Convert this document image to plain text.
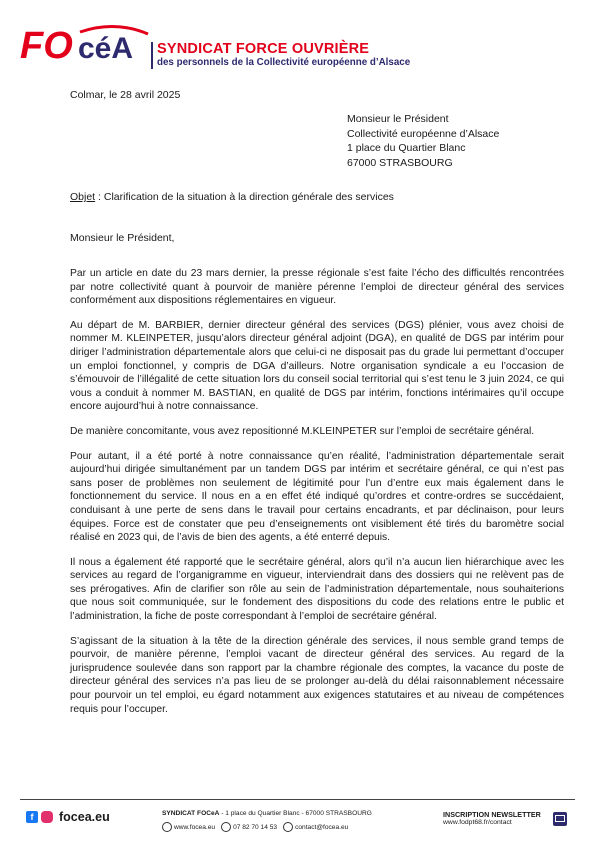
FO céA SYNDICAT FORCE OUVRIÈRE
des personnels de la Collectivité européenne d’Alsace
Colmar, le 28 avril 2025
Monsieur le Président
Collectivité européenne d’Alsace
1 place du Quartier Blanc
67000 STRASBOURG
Objet : Clarification de la situation à la direction générale des services
Monsieur le Président,

Par un article en date du 23 mars dernier, la presse régionale s’est faite l’écho des difficultés rencontrées par notre collectivité quant à pourvoir de manière pérenne l’emploi de directeur général des services conformément aux dispositions réglementaires en vigueur.

Au départ de M. BARBIER, dernier directeur général des services (DGS) plénier, vous avez choisi de nommer M. KLEINPETER, jusqu’alors directeur général adjoint (DGA), en qualité de DGS par intérim pour diriger l’administration départementale alors que celui-ci ne disposait pas du grade lui permettant d’occuper un emploi fonctionnel, y compris de DGA d’ailleurs. Notre organisation syndicale a eu l’occasion de s’émouvoir de l’illégalité de cette situation lors du conseil social territorial qui s’est tenu le 3 juin 2024, ce qui vous a conduit à nommer M. BASTIAN, en qualité de DGS par intérim, fonctions intérimaires qu’il occupe encore aujourd’hui à notre connaissance.

De manière concomitante, vous avez repositionné M.KLEINPETER sur l’emploi de secrétaire général.

Pour autant, il a été porté à notre connaissance qu’en réalité, l’administration départementale serait aujourd’hui dirigée simultanément par un tandem DGS par intérim et secrétaire général, ce qui n’est pas sans poser de problèmes non seulement de légitimité pour l’un d’entre eux mais également dans le fonctionnement du service. Il nous en a en effet été indiqué qu’ordres et contre-ordres se succédaient, conduisant à une perte de sens dans le travail pour certains encadrants, et par déclinaison, pour leurs équipes. Force est de constater que peu d’enseignements ont visiblement été tirés du baromètre social réalisé en 2023 qui, de l’avis de bien des agents, a été enterré depuis.

Il nous a également été rapporté que le secrétaire général, alors qu’il n’a aucun lien hiérarchique avec les services au regard de l’organigramme en vigueur, interviendrait dans des dossiers qui ne relèvent pas de ses prérogatives. Afin de clarifier son rôle au sein de l’administration départementale, nous souhaiterions que nous soit communiquée, sur le fondement des dispositions du code des relations entre le public et l’administration, la fiche de poste correspondant à l’emploi de secrétaire général.

S’agissant de la situation à la tête de la direction générale des services, il nous semble grand temps de pourvoir, de manière pérenne, l’emploi vacant de directeur général des services. Au regard de la jurisprudence soulevée dans son rapport par la chambre régionale des comptes, la vacance du poste de directeur général des services n’a pas lieu de se prolonger au-delà du délai raisonnablement nécessaire pour pourvoir un tel emploi, eu égard notamment aux exigences statutaires et au niveau de compétences requis pour l’occuper.

f	focea.eu	SYNDICAT FOCeA - 1 place du Quartier Blanc - 67000 STRASBOURG
www.focea.eu	07 82 70 14 53	contact@focea.eu
INSCRIPTION NEWSLETTER
www.fodpt68.fr/contact
